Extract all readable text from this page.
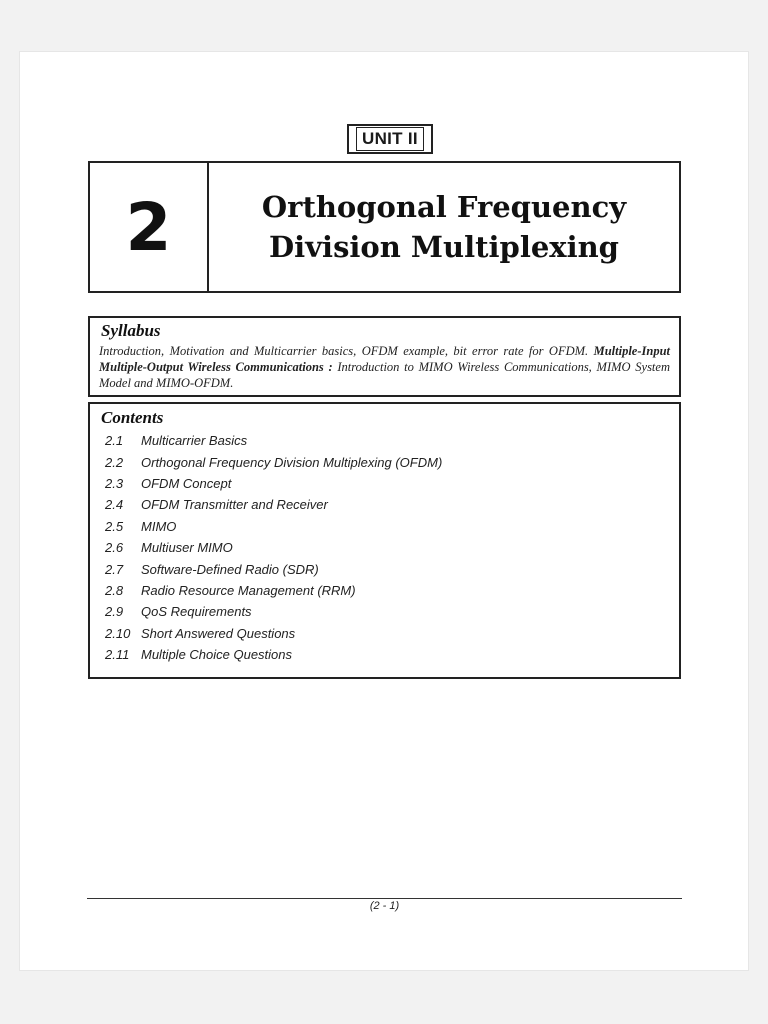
UNIT II
2	Orthogonal Frequency
Division Multiplexing
Syllabus
Introduction, Motivation and Multicarrier basics, OFDM example, bit error rate for OFDM. Multiple-Input Multiple-Output Wireless Communications : Introduction to MIMO Wireless Communications, MIMO System Model and MIMO-OFDM.
Contents
2.1	Multicarrier Basics
2.2	Orthogonal Frequency Division Multiplexing (OFDM)
2.3	OFDM Concept
2.4	OFDM Transmitter and Receiver
2.5	MIMO
2.6	Multiuser MIMO
2.7	Software-Defined Radio (SDR)
2.8	Radio Resource Management (RRM)
2.9	QoS Requirements
2.10 Short Answered Questions
2.11 Multiple Choice Questions
(2 - 1)
